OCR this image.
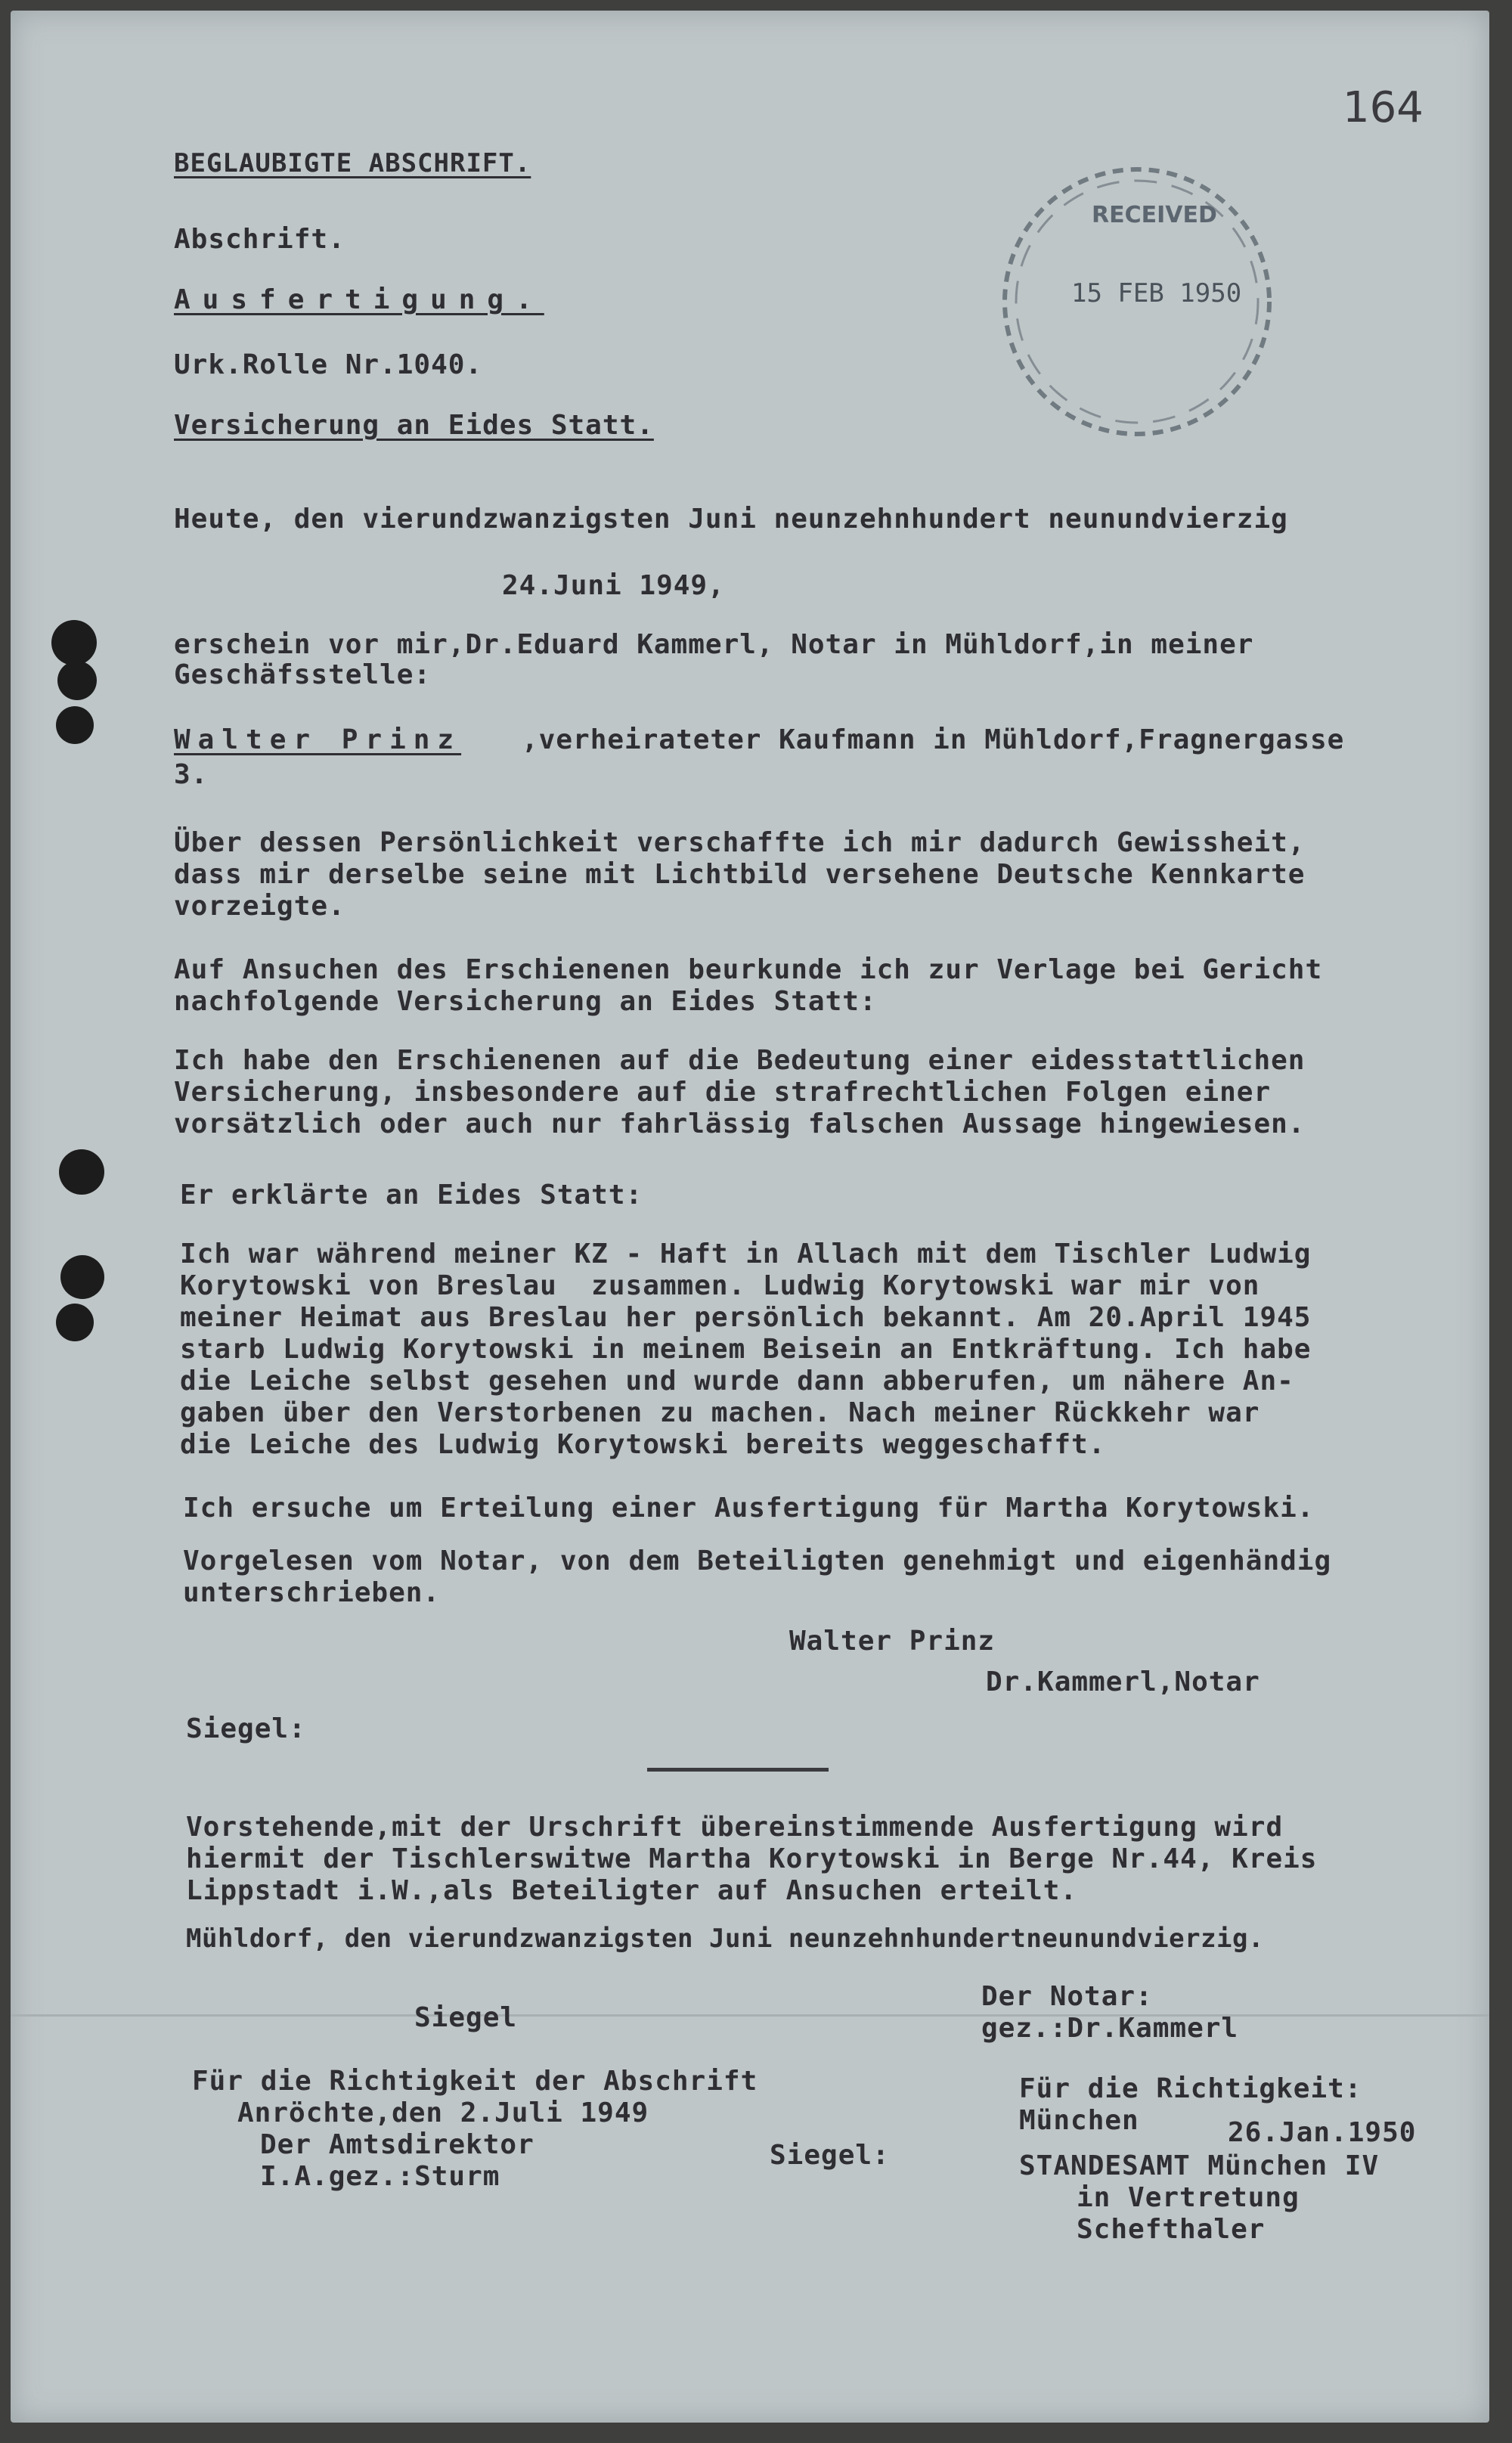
164
RECEIVED
15 FEB 1950
BEGLAUBIGTE ABSCHRIFT.
Abschrift.
Ausfertigung.
Urk.Rolle Nr.1040.
Versicherung an Eides Statt.
Heute, den vierundzwanzigsten Juni neunzehnhundert neunundvierzig
24.Juni 1949,
erschein vor mir,Dr.Eduard Kammerl, Notar in Mühldorf,in meiner
Geschäfsstelle:
Walter Prinz ,verheirateter Kaufmann in Mühldorf,Fragnergasse
3.
Über dessen Persönlichkeit verschaffte ich mir dadurch Gewissheit,
dass mir derselbe seine mit Lichtbild versehene Deutsche Kennkarte
vorzeigte.
Auf Ansuchen des Erschienenen beurkunde ich zur Verlage bei Gericht
nachfolgende Versicherung an Eides Statt:
Ich habe den Erschienenen auf die Bedeutung einer eidesstattlichen
Versicherung, insbesondere auf die strafrechtlichen Folgen einer
vorsätzlich oder auch nur fahrlässig falschen Aussage hingewiesen.
Er erklärte an Eides Statt:
Ich war während meiner KZ - Haft in Allach mit dem Tischler Ludwig
Korytowski von Breslau  zusammen. Ludwig Korytowski war mir von
meiner Heimat aus Breslau her persönlich bekannt. Am 20.April 1945
starb Ludwig Korytowski in meinem Beisein an Entkräftung. Ich habe
die Leiche selbst gesehen und wurde dann abberufen, um nähere An-
gaben über den Verstorbenen zu machen. Nach meiner Rückkehr war
die Leiche des Ludwig Korytowski bereits weggeschafft.
Ich ersuche um Erteilung einer Ausfertigung für Martha Korytowski.
Vorgelesen vom Notar, von dem Beteiligten genehmigt und eigenhändig
unterschrieben.
Walter Prinz
Dr.Kammerl,Notar
Siegel:
Vorstehende,mit der Urschrift übereinstimmende Ausfertigung wird
hiermit der Tischlerswitwe Martha Korytowski in Berge Nr.44, Kreis
Lippstadt i.W.,als Beteiligter auf Ansuchen erteilt.
Mühldorf, den vierundzwanzigsten Juni neunzehnhundertneunundvierzig.
Siegel
Der Notar:
gez.:Dr.Kammerl
Für die Richtigkeit der Abschrift
Anröchte,den 2.Juli 1949
Der Amtsdirektor
I.A.gez.:Sturm
Siegel:
Für die Richtigkeit:
München	26.Jan.1950
STANDESAMT München IV
in Vertretung
Schefthaler
